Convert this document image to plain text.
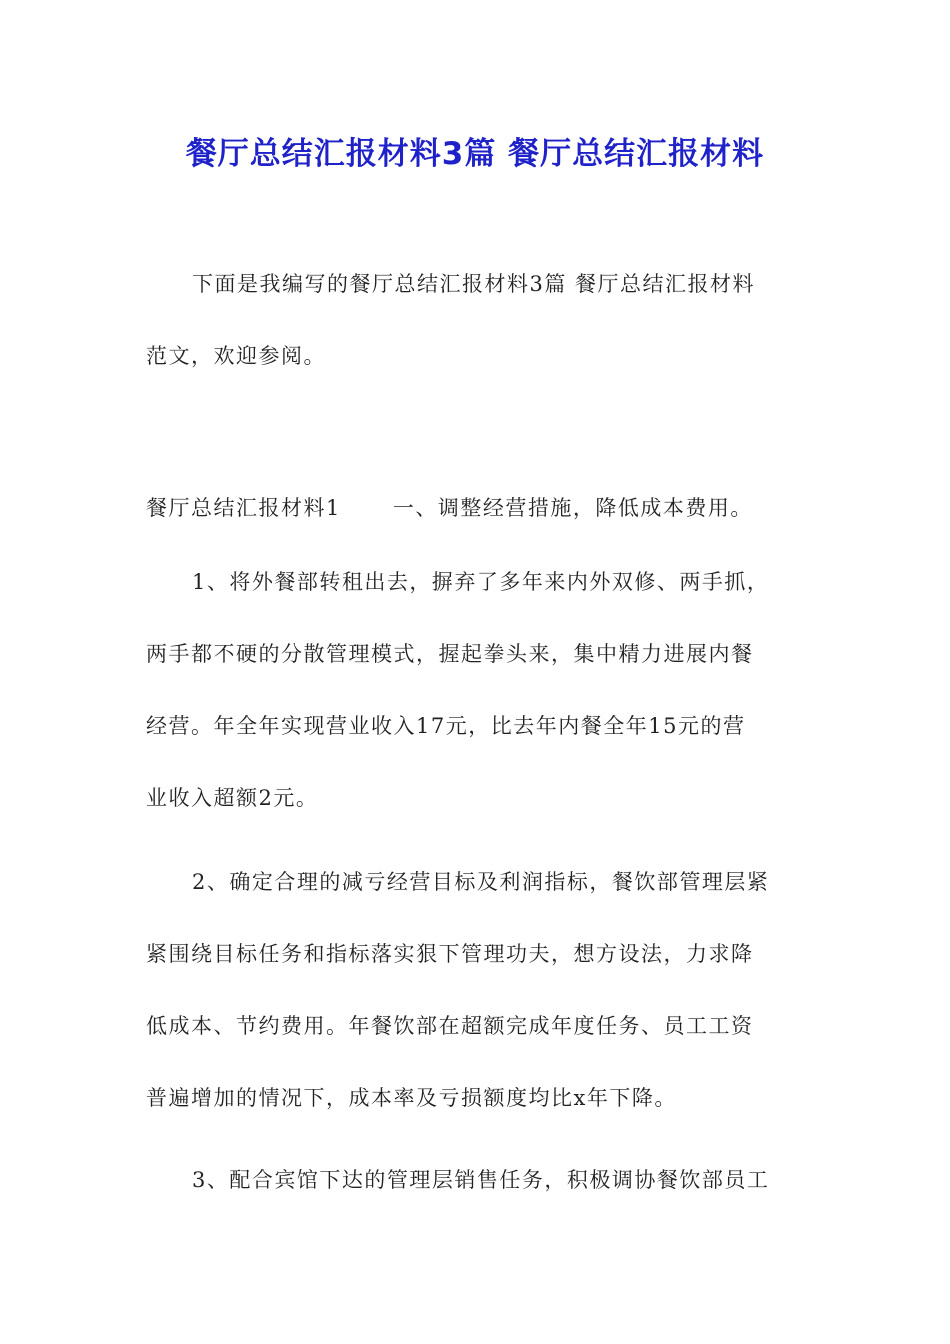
餐厅总结汇报材料3篇 餐厅总结汇报材料
下面是我编写的餐厅总结汇报材料3篇 餐厅总结汇报材料
范文，欢迎参阅。
餐厅总结汇报材料1 一、调整经营措施，降低成本费用。
1、将外餐部转租出去，摒弃了多年来内外双修、两手抓，
两手都不硬的分散管理模式，握起拳头来，集中精力进展内餐
经营。年全年实现营业收入17元，比去年内餐全年15元的营
业收入超额2元。
2、确定合理的减亏经营目标及利润指标，餐饮部管理层紧
紧围绕目标任务和指标落实狠下管理功夫，想方设法，力求降
低成本、节约费用。年餐饮部在超额完成年度任务、员工工资
普遍增加的情况下，成本率及亏损额度均比x年下降。
3、配合宾馆下达的管理层销售任务，积极调协餐饮部员工
